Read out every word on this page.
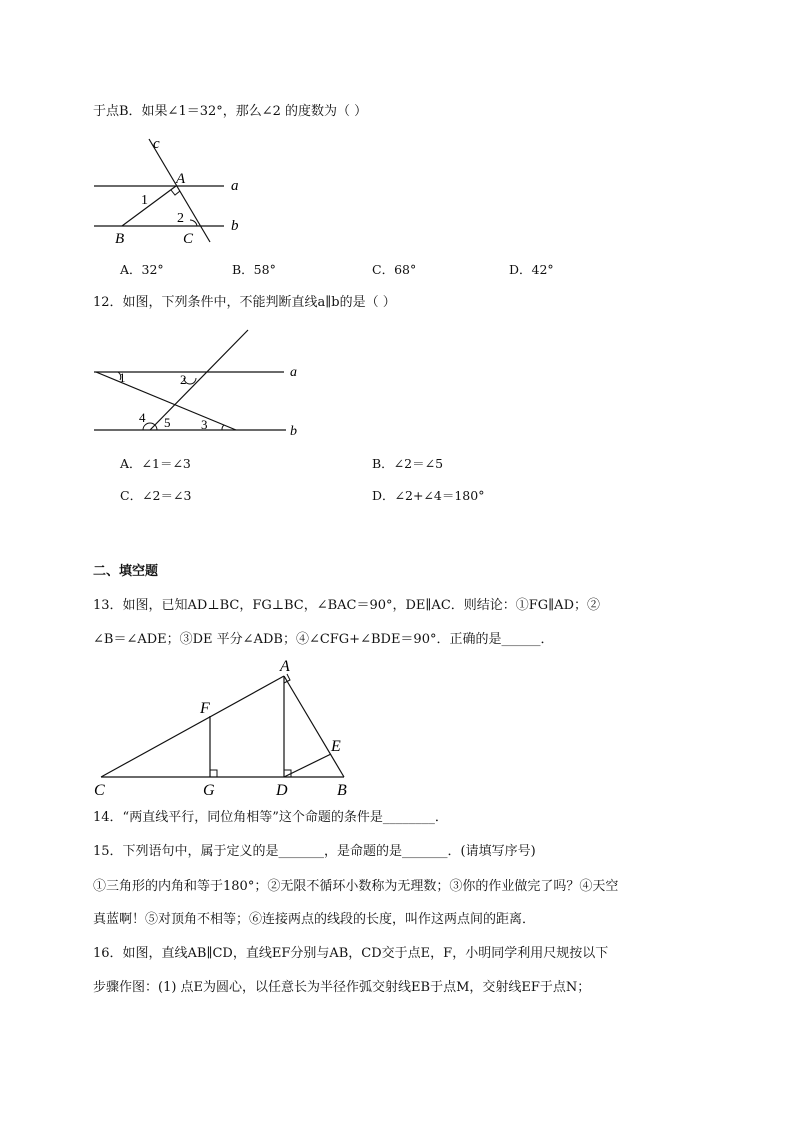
于点B．如果∠1＝32°，那么∠2 的度数为（ ）
c
A	a
1
2	b
B	C
A．32°	B．58°	C．68°	D．42°
12．如图，下列条件中，不能判断直线a∥b的是（ ）
1	2	a
4 5 3	b
A．∠1＝∠3	B．∠2＝∠5
C．∠2＝∠3	D．∠2+∠4＝180°
二、填空题
13．如图，已知AD⊥BC，FG⊥BC，∠BAC＝90°，DE∥AC．则结论：①FG∥AD；②
∠B＝∠ADE；③DE 平分∠ADB；④∠CFG+∠BDE＝90°．正确的是______．
A
F
E
C	G	D	B
14．“两直线平行，同位角相等”这个命题的条件是________．
15．下列语句中，属于定义的是_______，是命题的是_______．(请填写序号)
①三角形的内角和等于180°；②无限不循环小数称为无理数；③你的作业做完了吗？④天空
真蓝啊！⑤对顶角不相等；⑥连接两点的线段的长度，叫作这两点间的距离．
16．如图，直线AB∥CD，直线EF分别与AB，CD交于点E，F，小明同学利用尺规按以下
步骤作图：(1) 点E为圆心，以任意长为半径作弧交射线EB于点M，交射线EF于点N；
